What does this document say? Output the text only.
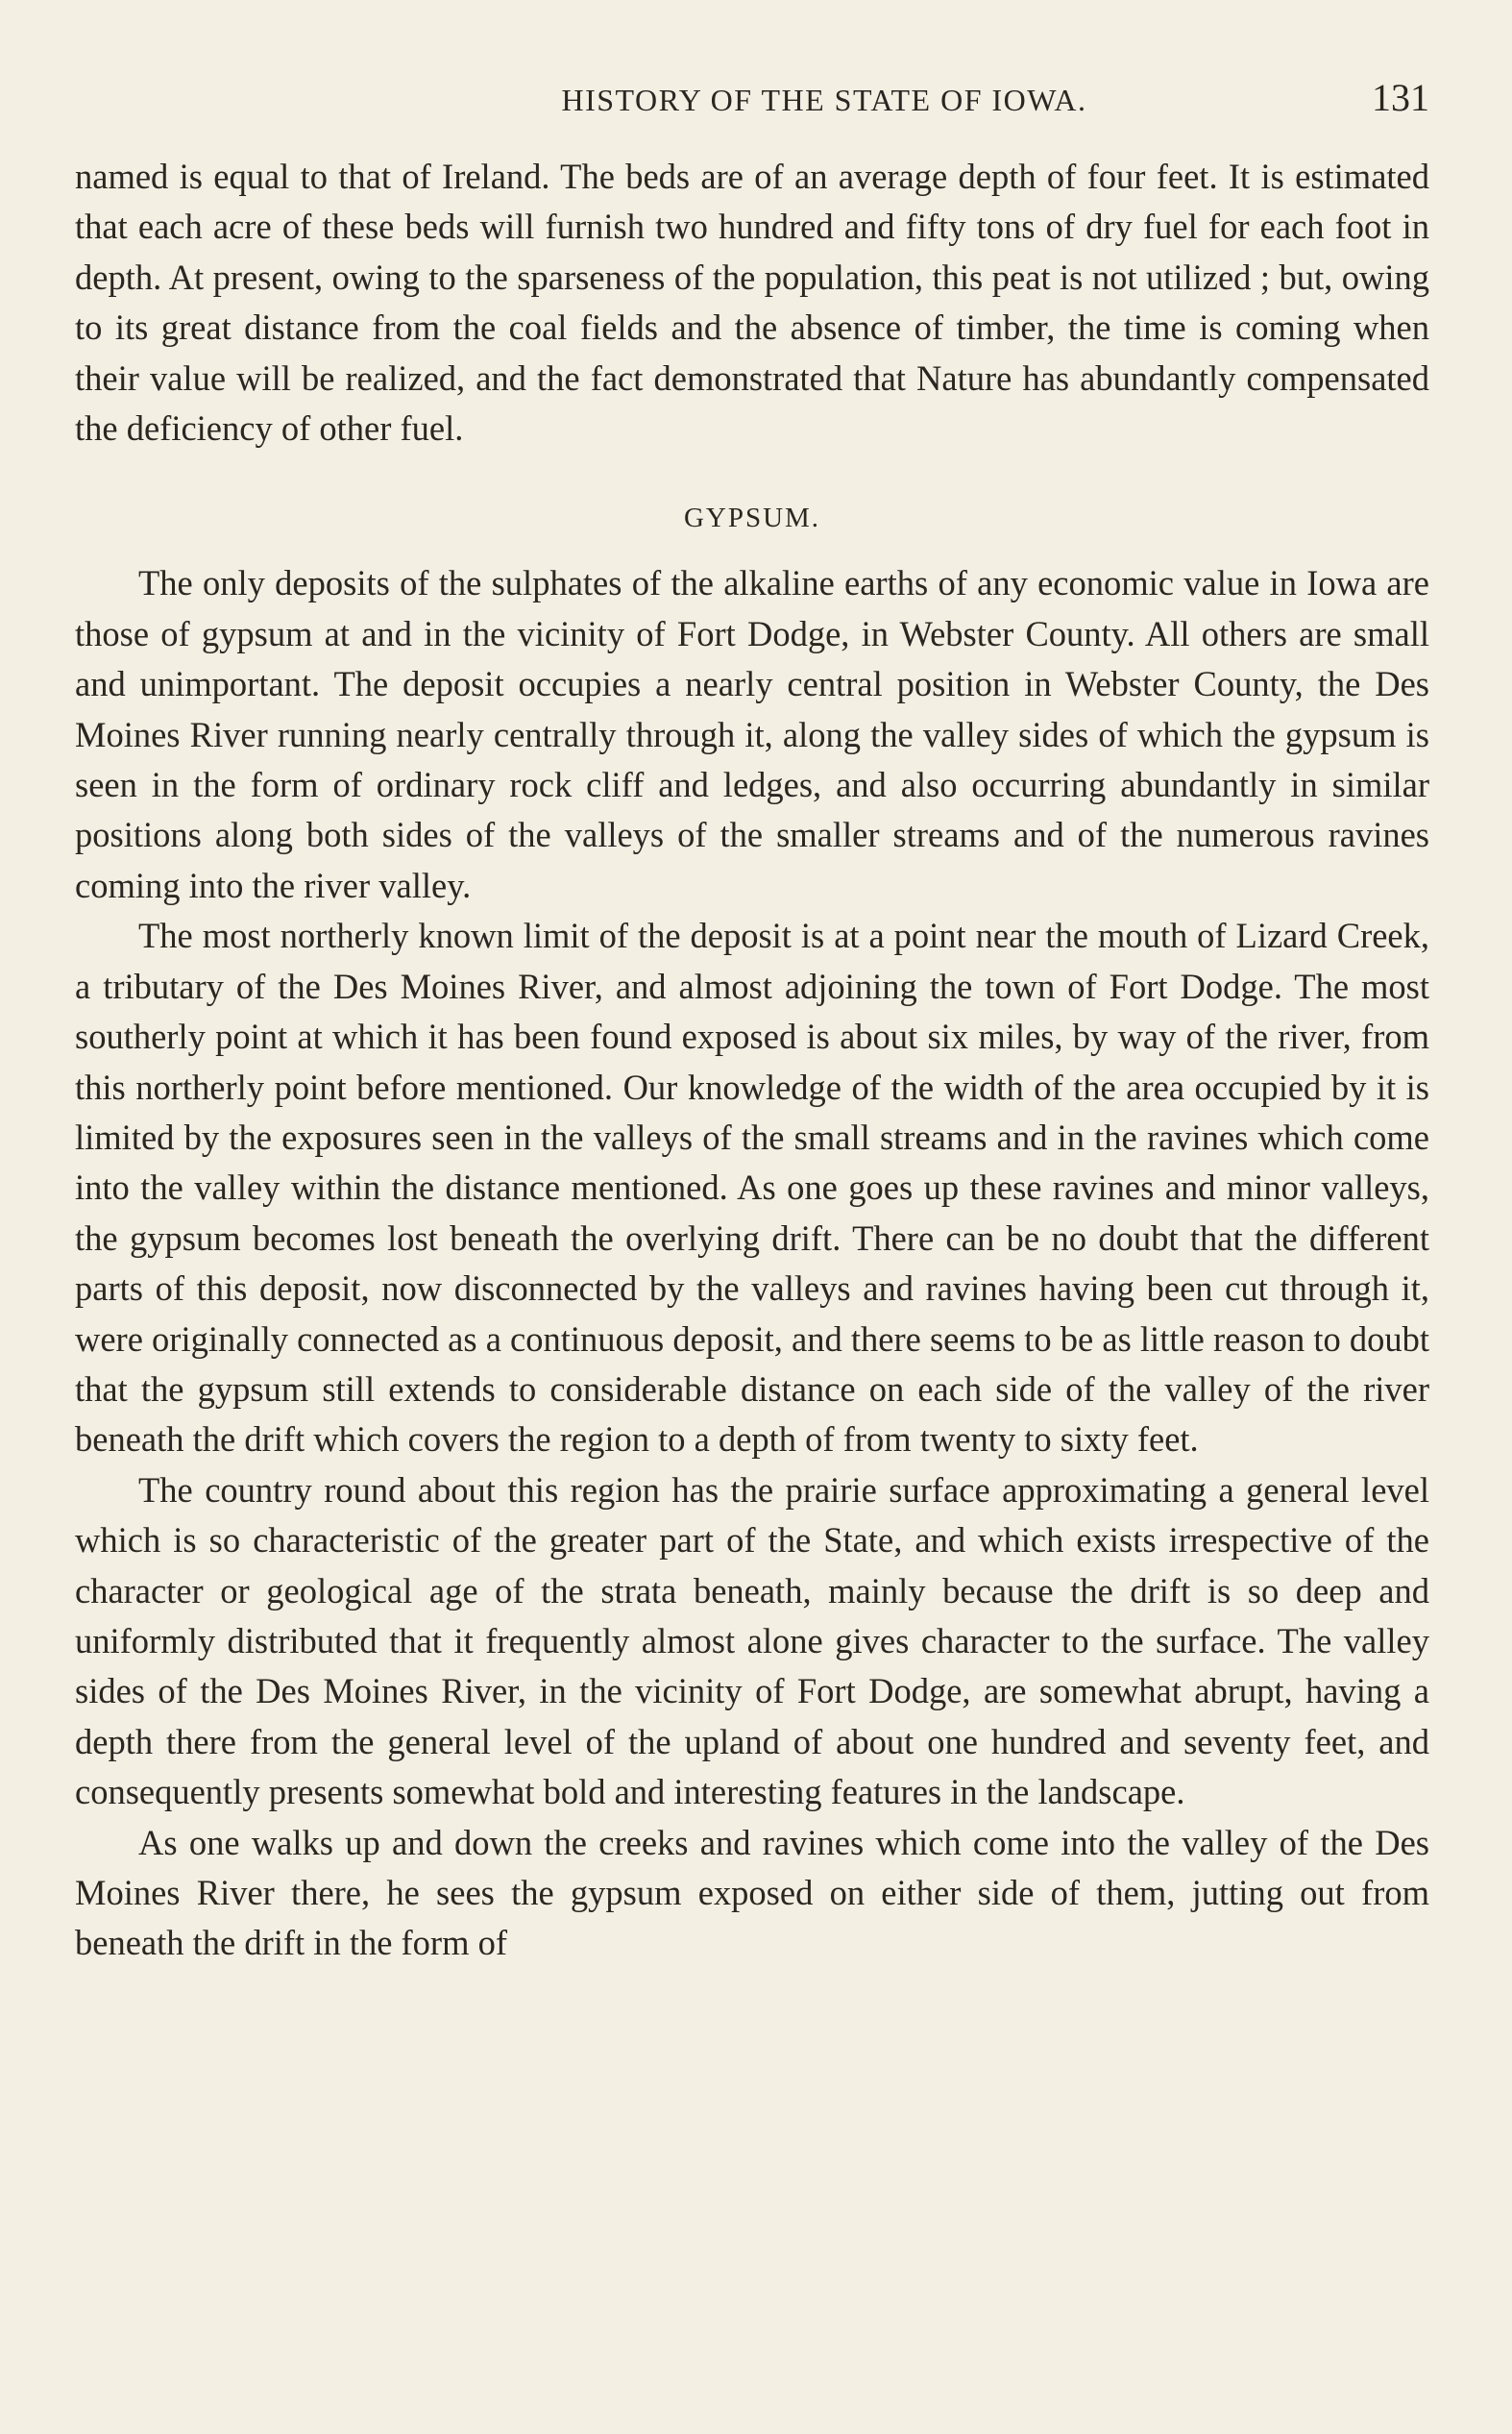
HISTORY OF THE STATE OF IOWA.	131

named is equal to that of Ireland. The beds are of an average depth of four feet. It is estimated that each acre of these beds will furnish two hundred and fifty tons of dry fuel for each foot in depth. At present, owing to the sparseness of the population, this peat is not utilized ; but, owing to its great distance from the coal fields and the absence of timber, the time is coming when their value will be realized, and the fact demonstrated that Nature has abundantly compensated the deficiency of other fuel.

GYPSUM.

The only deposits of the sulphates of the alkaline earths of any economic value in Iowa are those of gypsum at and in the vicinity of Fort Dodge, in Webster County. All others are small and unimportant. The deposit occupies a nearly central position in Webster County, the Des Moines River running nearly centrally through it, along the valley sides of which the gypsum is seen in the form of ordinary rock cliff and ledges, and also occurring abundantly in similar positions along both sides of the valleys of the smaller streams and of the numerous ravines coming into the river valley.

The most northerly known limit of the deposit is at a point near the mouth of Lizard Creek, a tributary of the Des Moines River, and almost adjoining the town of Fort Dodge. The most southerly point at which it has been found exposed is about six miles, by way of the river, from this northerly point before mentioned. Our knowledge of the width of the area occupied by it is limited by the exposures seen in the valleys of the small streams and in the ravines which come into the valley within the distance mentioned. As one goes up these ravines and minor valleys, the gypsum becomes lost beneath the overlying drift. There can be no doubt that the different parts of this deposit, now disconnected by the valleys and ravines having been cut through it, were originally connected as a continuous deposit, and there seems to be as little reason to doubt that the gypsum still extends to considerable distance on each side of the valley of the river beneath the drift which covers the region to a depth of from twenty to sixty feet.

The country round about this region has the prairie surface approximating a general level which is so characteristic of the greater part of the State, and which exists irrespective of the character or geological age of the strata beneath, mainly because the drift is so deep and uniformly distributed that it frequently almost alone gives character to the surface. The valley sides of the Des Moines River, in the vicinity of Fort Dodge, are somewhat abrupt, having a depth there from the general level of the upland of about one hundred and seventy feet, and consequently presents somewhat bold and interesting features in the landscape.

As one walks up and down the creeks and ravines which come into the valley of the Des Moines River there, he sees the gypsum exposed on either side of them, jutting out from beneath the drift in the form of
